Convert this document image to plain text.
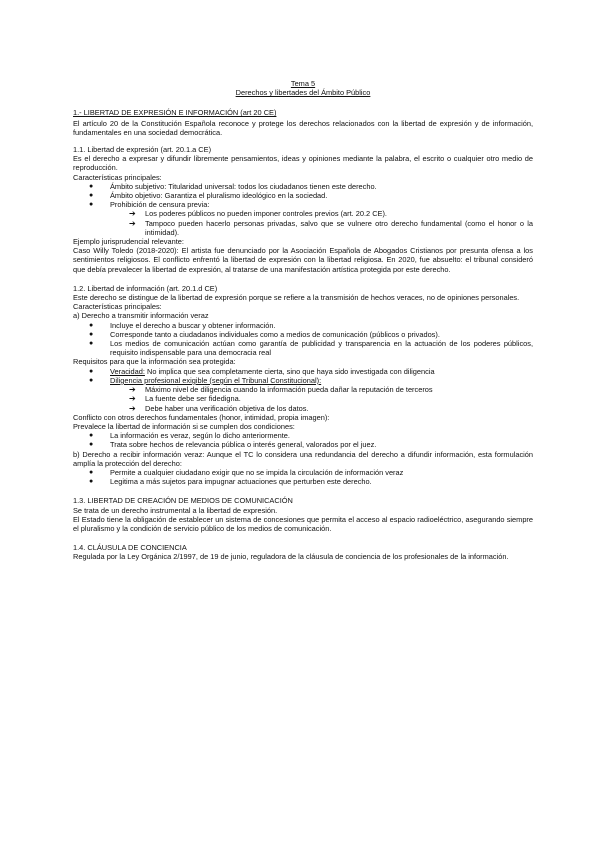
Tema 5
Derechos y libertades del Ámbito Público
1.- LIBERTAD DE EXPRESIÓN E INFORMACIÓN (art 20 CE)
El artículo 20 de la Constitución Española reconoce y protege los derechos relacionados con la libertad de expresión y de información, fundamentales en una sociedad democrática.
1.1. Libertad de expresión (art. 20.1.a CE)
Es el derecho a expresar y difundir libremente pensamientos, ideas y opiniones mediante la palabra, el escrito o cualquier otro medio de reproducción.
Características principales:
● Ámbito subjetivo: Titularidad universal: todos los ciudadanos tienen este derecho.
● Ámbito objetivo: Garantiza el pluralismo ideológico en la sociedad.
● Prohibición de censura previa:
➔ Los poderes públicos no pueden imponer controles previos (art. 20.2 CE).
➔ Tampoco pueden hacerlo personas privadas, salvo que se vulnere otro derecho fundamental (como el honor o la intimidad).
Ejemplo jurisprudencial relevante:
Caso Willy Toledo (2018-2020): El artista fue denunciado por la Asociación Española de Abogados Cristianos por presunta ofensa a los sentimientos religiosos. El conflicto enfrentó la libertad de expresión con la libertad religiosa. En 2020, fue absuelto: el tribunal consideró que debía prevalecer la libertad de expresión, al tratarse de una manifestación artística protegida por este derecho.
1.2. Libertad de información (art. 20.1.d CE)
Este derecho se distingue de la libertad de expresión porque se refiere a la transmisión de hechos veraces, no de opiniones personales.
Características principales:
a) Derecho a transmitir información veraz
● Incluye el derecho a buscar y obtener información.
● Corresponde tanto a ciudadanos individuales como a medios de comunicación (públicos o privados).
● Los medios de comunicación actúan como garantía de publicidad y transparencia en la actuación de los poderes públicos, requisito indispensable para una democracia real
Requisitos para que la información sea protegida:
● Veracidad: No implica que sea completamente cierta, sino que haya sido investigada con diligencia
● Diligencia profesional exigible (según el Tribunal Constitucional):
➔ Máximo nivel de diligencia cuando la información pueda dañar la reputación de terceros
➔ La fuente debe ser fidedigna.
➔ Debe haber una verificación objetiva de los datos.
Conflicto con otros derechos fundamentales (honor, intimidad, propia imagen):
Prevalece la libertad de información si se cumplen dos condiciones:
● La información es veraz, según lo dicho anteriormente.
● Trata sobre hechos de relevancia pública o interés general, valorados por el juez.
b) Derecho a recibir información veraz: Aunque el TC lo considera una redundancia del derecho a difundir información, esta formulación amplía la protección del derecho:
● Permite a cualquier ciudadano exigir que no se impida la circulación de información veraz
● Legitima a más sujetos para impugnar actuaciones que perturben este derecho.
1.3. LIBERTAD DE CREACIÓN DE MEDIOS DE COMUNICACIÓN
Se trata de un derecho instrumental a la libertad de expresión.
El Estado tiene la obligación de establecer un sistema de concesiones que permita el acceso al espacio radioeléctrico, asegurando siempre el pluralismo y la condición de servicio público de los medios de comunicación.
1.4. CLÁUSULA DE CONCIENCIA
Regulada por la Ley Orgánica 2/1997, de 19 de junio, reguladora de la cláusula de conciencia de los profesionales de la información.
